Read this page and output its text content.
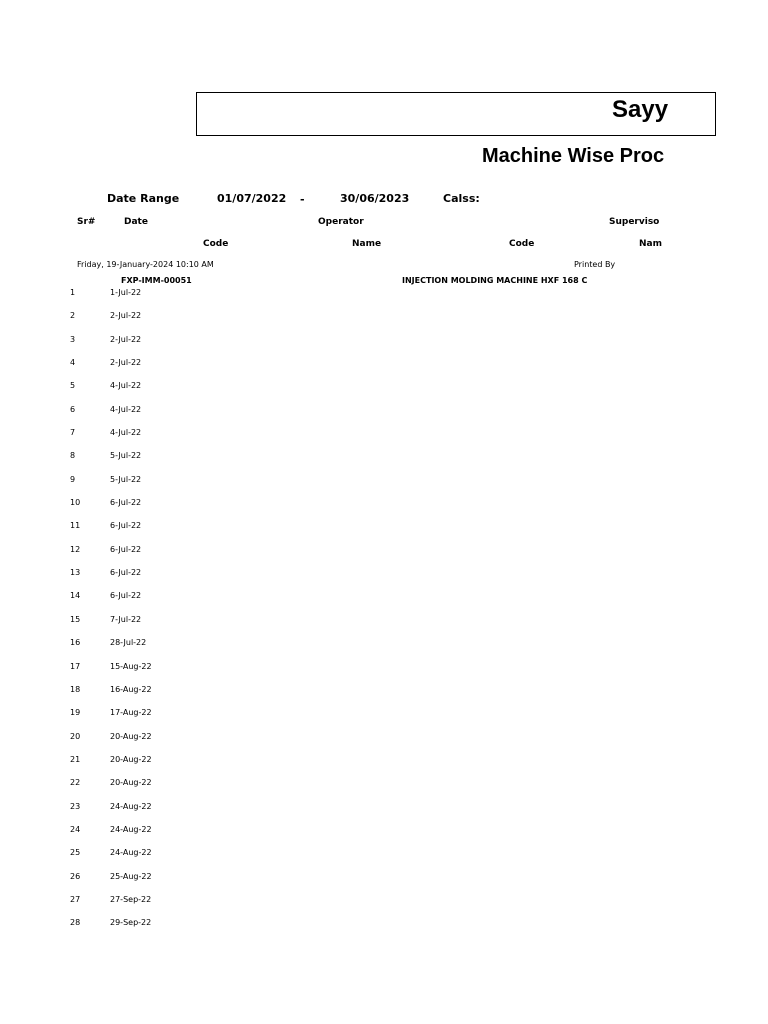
Sayy
Machine Wise Proc
Date Range	01/07/2022 -	30/06/2023	Calss:
Sr#	Date	Operator	Superviso
Code	Name	Code	Nam
Friday, 19-January-2024 10:10 AM	Printed By
FXP-IMM-00051	INJECTION MOLDING MACHINE HXF 168 C
1	1-Jul-22
2	2-Jul-22
3	2-Jul-22
4	2-Jul-22
5	4-Jul-22
6	4-Jul-22
7	4-Jul-22
8	5-Jul-22
9	5-Jul-22
10	6-Jul-22
11	6-Jul-22
12	6-Jul-22
13	6-Jul-22
14	6-Jul-22
15	7-Jul-22
16	28-Jul-22
17	15-Aug-22
18	16-Aug-22
19	17-Aug-22
20	20-Aug-22
21	20-Aug-22
22	20-Aug-22
23	24-Aug-22
24	24-Aug-22
25	24-Aug-22
26	25-Aug-22
27	27-Sep-22
28	29-Sep-22
